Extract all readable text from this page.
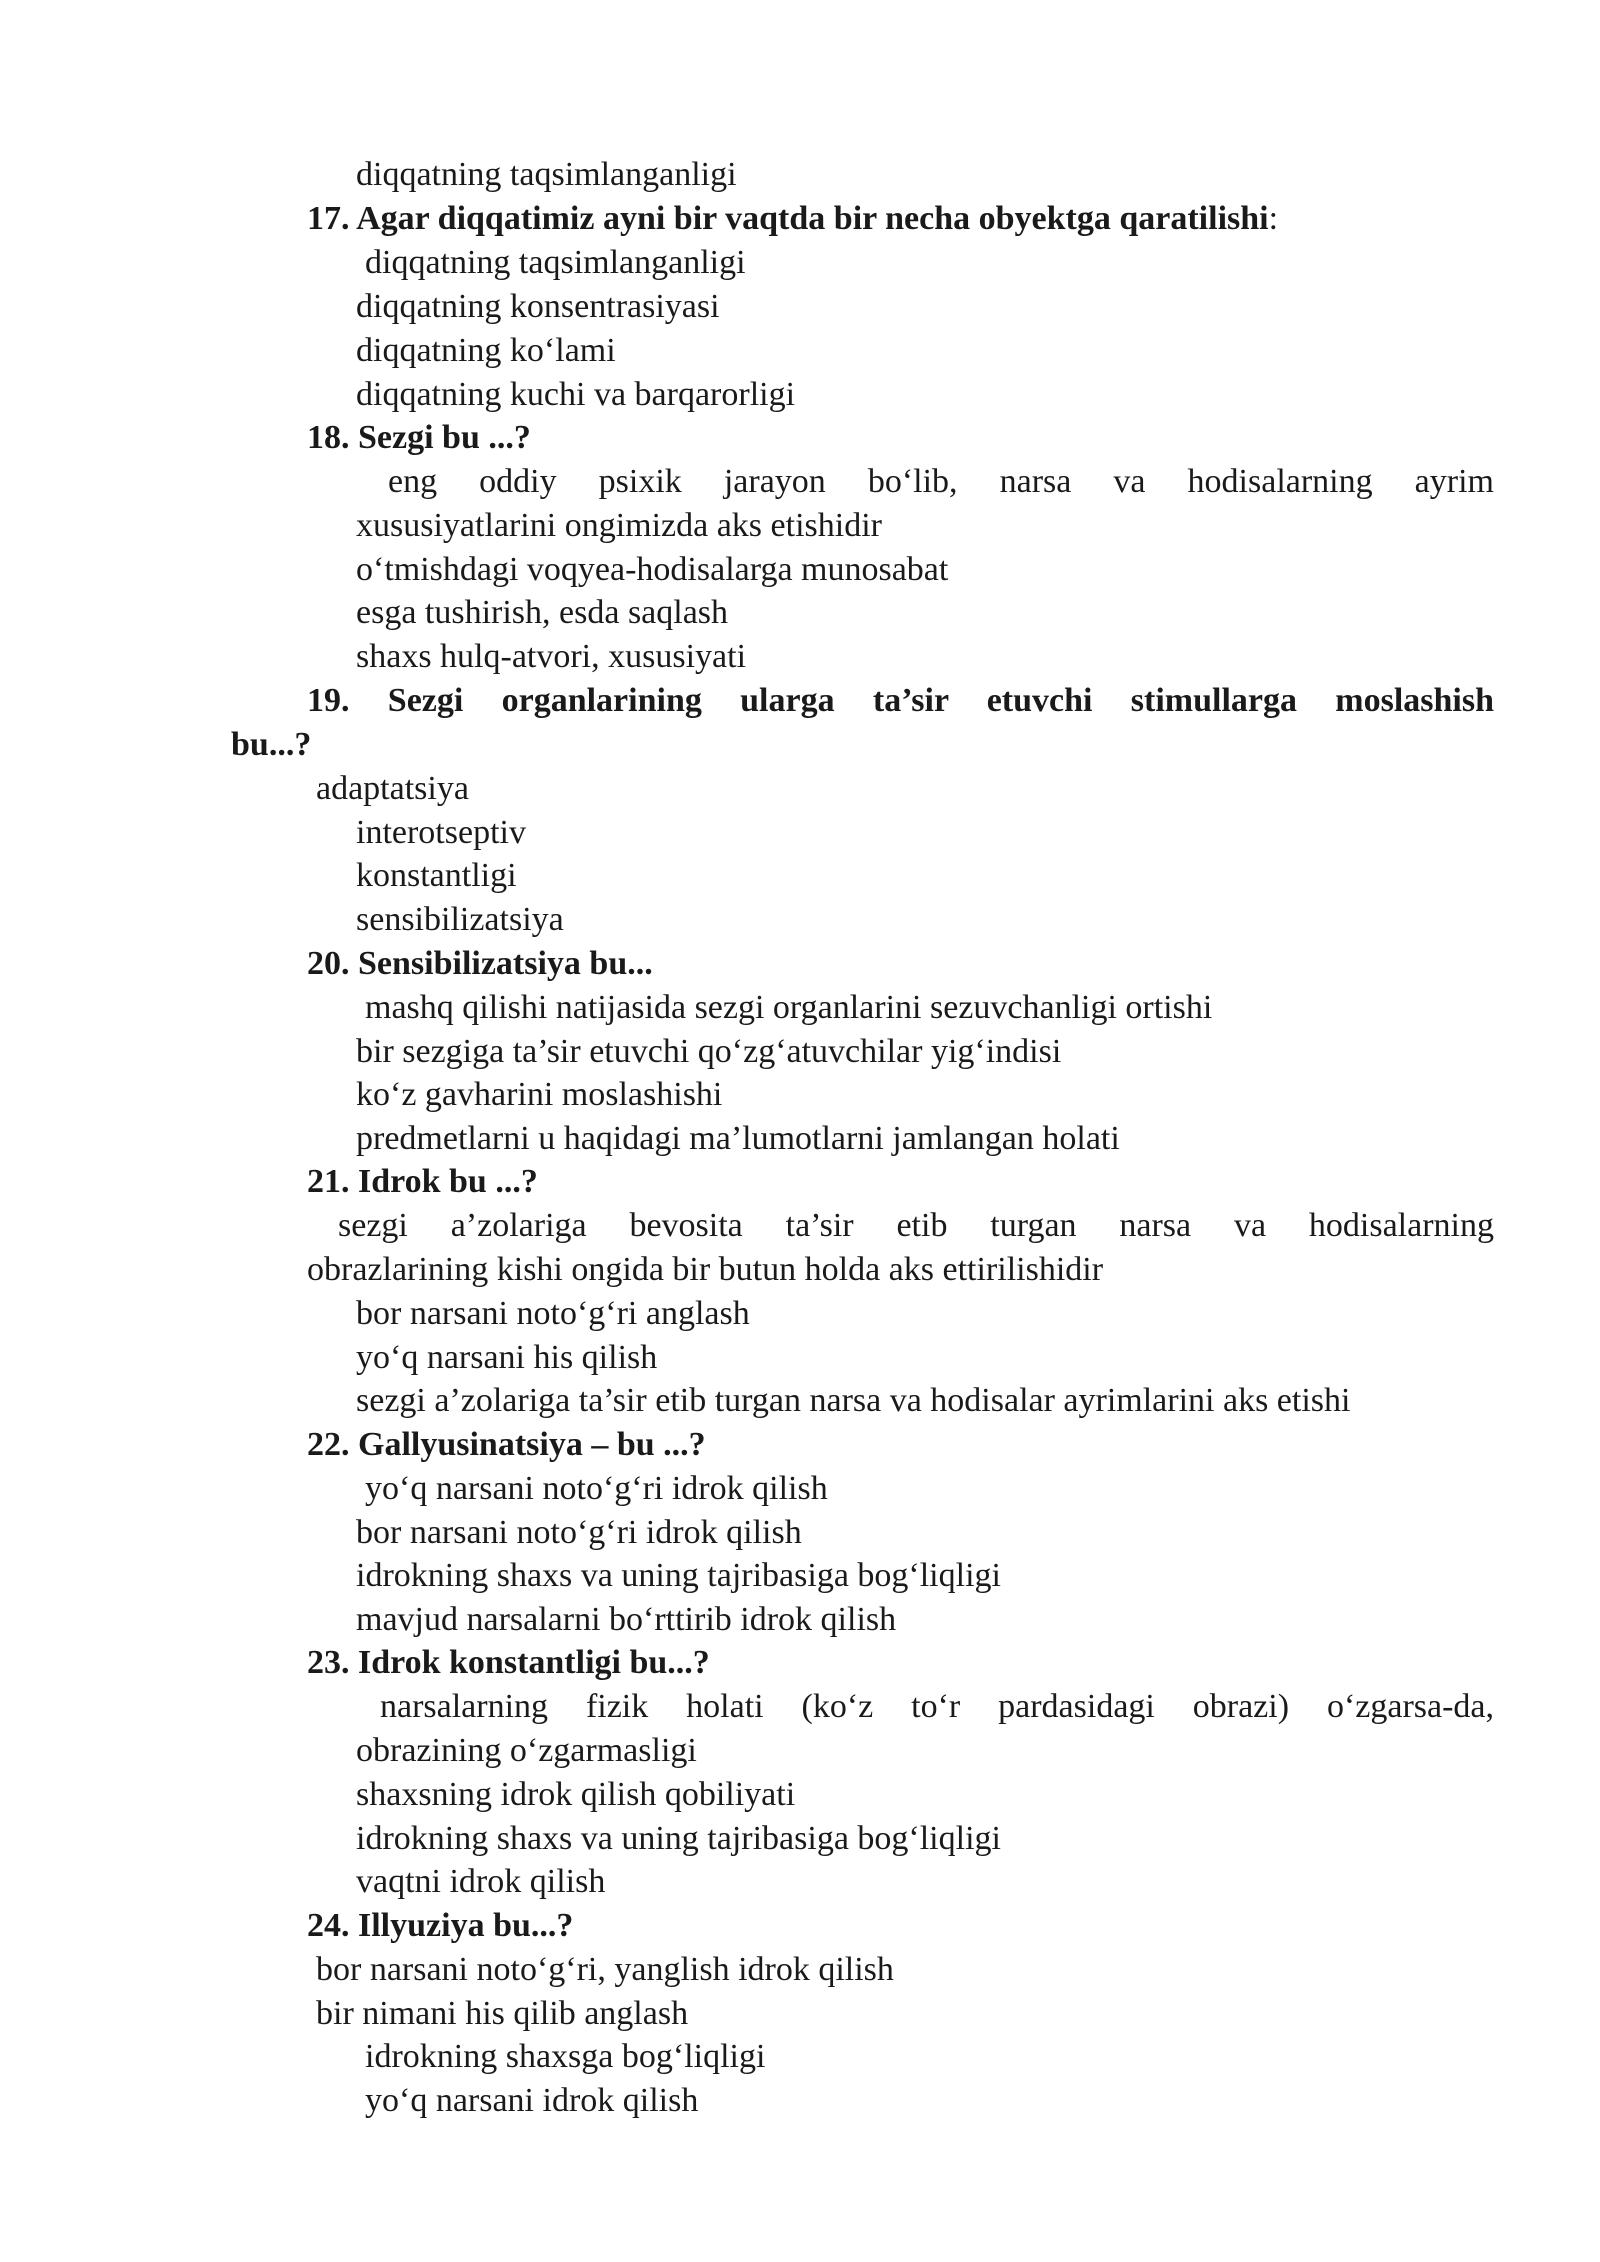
diqqatning taqsimlanganligi
17. Agar diqqatimiz ayni bir vaqtda bir necha obyektga qaratilishi:
diqqatning taqsimlanganligi
diqqatning konsentrasiyasi
diqqatning ko‘lami
diqqatning kuchi va barqarorligi
18. Sezgi bu ...?
eng oddiy psixik jarayon bo‘lib, narsa va hodisalarning ayrim
xususiyatlarini ongimizda aks etishidir
o‘tmishdagi voqyea-hodisalarga munosabat
esga tushirish, esda saqlash
shaxs hulq-atvori, xususiyati
19. Sezgi organlarining ularga ta’sir etuvchi stimullarga moslashish
bu...?
adaptatsiya
interotseptiv
konstantligi
sensibilizatsiya
20. Sensibilizatsiya bu...
mashq qilishi natijasida sezgi organlarini sezuvchanligi ortishi
bir sezgiga ta’sir etuvchi qo‘zg‘atuvchilar yig‘indisi
ko‘z gavharini moslashishi
predmetlarni u haqidagi ma’lumotlarni jamlangan holati
21. Idrok bu ...?
sezgi a’zolariga bevosita ta’sir etib turgan narsa va hodisalarning
obrazlarining kishi ongida bir butun holda aks ettirilishidir
bor narsani noto‘g‘ri anglash
yo‘q narsani his qilish
sezgi a’zolariga ta’sir etib turgan narsa va hodisalar ayrimlarini aks etishi
22. Gallyusinatsiya – bu ...?
yo‘q narsani noto‘g‘ri idrok qilish
bor narsani noto‘g‘ri idrok qilish
idrokning shaxs va uning tajribasiga bog‘liqligi
mavjud narsalarni bo‘rttirib idrok qilish
23. Idrok konstantligi bu...?
narsalarning fizik holati (ko‘z to‘r pardasidagi obrazi) o‘zgarsa-da,
obrazining o‘zgarmasligi
shaxsning idrok qilish qobiliyati
idrokning shaxs va uning tajribasiga bog‘liqligi
vaqtni idrok qilish
24. Illyuziya bu...?
bor narsani noto‘g‘ri, yanglish idrok qilish
bir nimani his qilib anglash
idrokning shaxsga bog‘liqligi
yo‘q narsani idrok qilish
